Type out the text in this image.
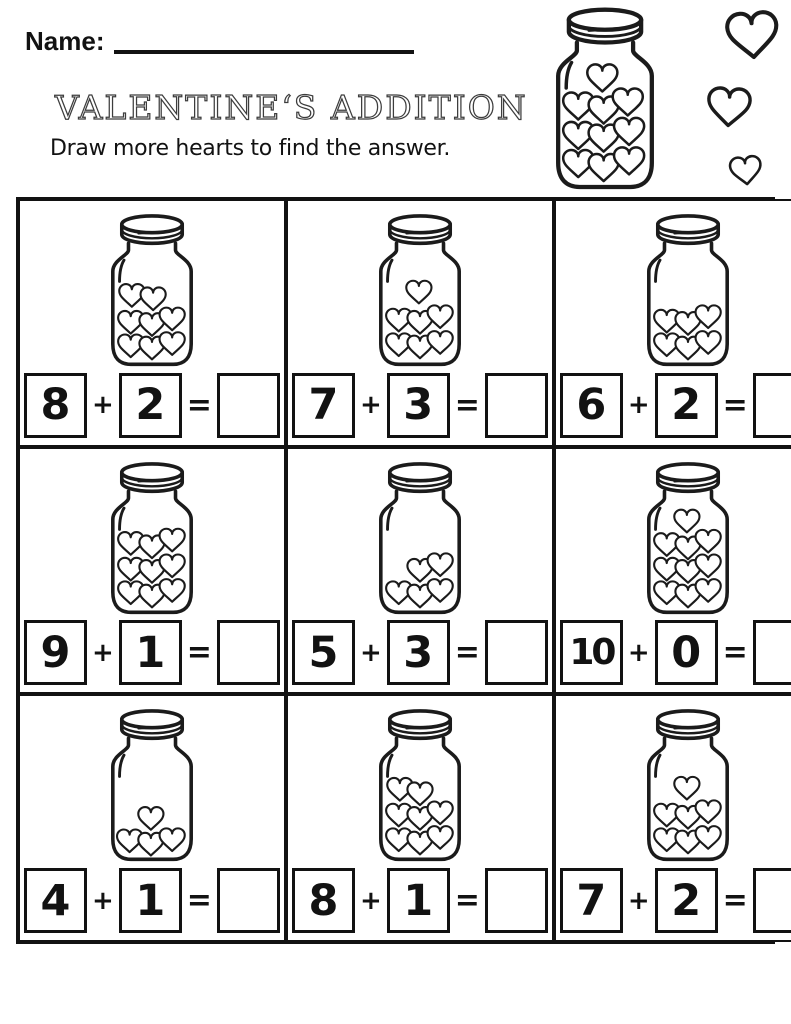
Name:
VALENTINE‘S ADDITION

Draw more hearts to find the answer.

8 + 2 = 7 + 3 = 6 + 2 =
9 + 1 = 5 + 3 = 10 + 0 =
4 + 1 = 8 + 1 = 7 + 2 =
